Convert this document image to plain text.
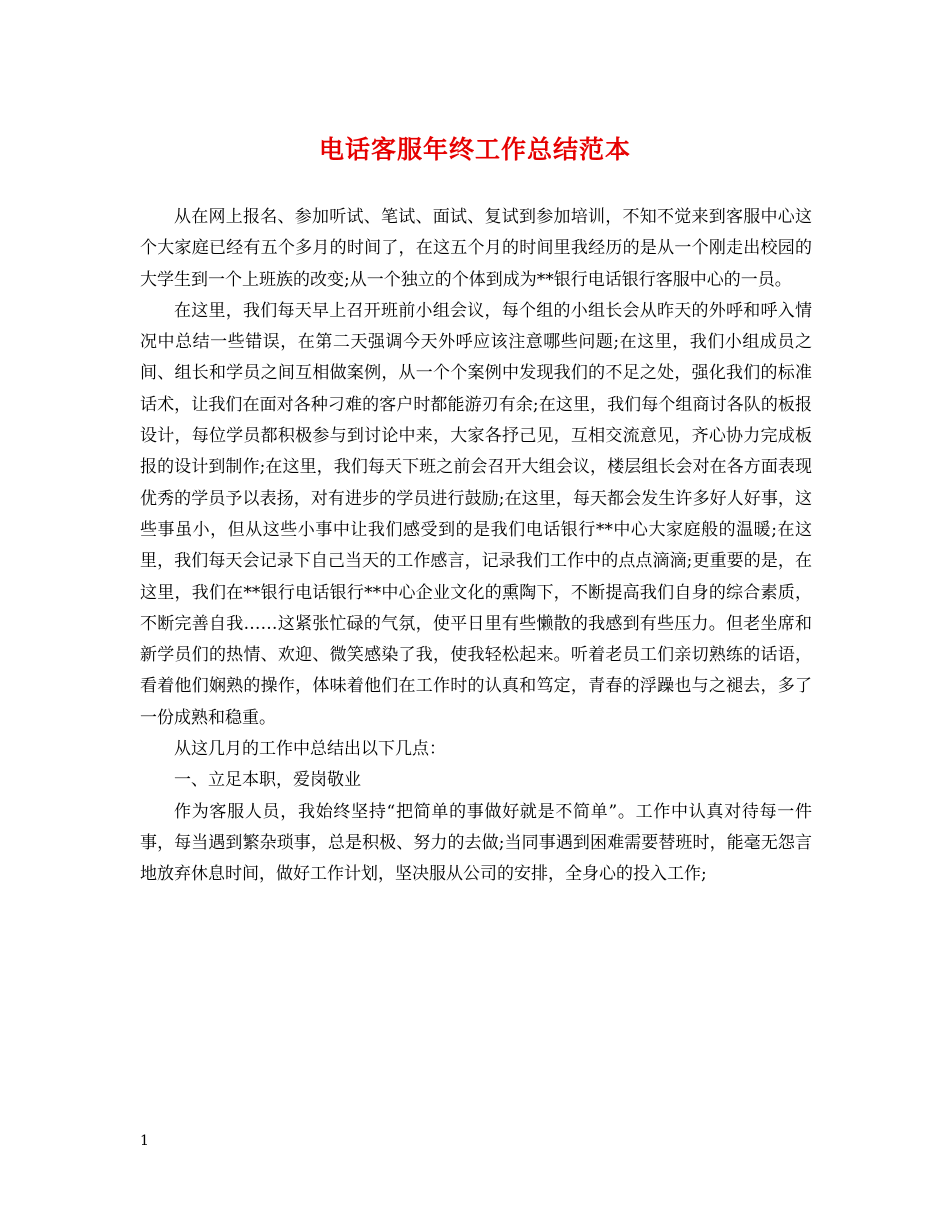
电话客服年终工作总结范本

从在网上报名、参加听试、笔试、面试、复试到参加培训，不知不觉来到客服中心这个大家庭已经有五个多月的时间了，在这五个月的时间里我经历的是从一个刚走出校园的大学生到一个上班族的改变;从一个独立的个体到成为**银行电话银行客服中心的一员。

在这里，我们每天早上召开班前小组会议，每个组的小组长会从昨天的外呼和呼入情况中总结一些错误，在第二天强调今天外呼应该注意哪些问题;在这里，我们小组成员之间、组长和学员之间互相做案例，从一个个案例中发现我们的不足之处，强化我们的标准话术，让我们在面对各种刁难的客户时都能游刃有余;在这里，我们每个组商讨各队的板报设计，每位学员都积极参与到讨论中来，大家各抒己见，互相交流意见，齐心协力完成板报的设计到制作;在这里，我们每天下班之前会召开大组会议，楼层组长会对在各方面表现优秀的学员予以表扬，对有进步的学员进行鼓励;在这里，每天都会发生许多好人好事，这些事虽小，但从这些小事中让我们感受到的是我们电话银行**中心大家庭般的温暖;在这里，我们每天会记录下自己当天的工作感言，记录我们工作中的点点滴滴;更重要的是，在这里，我们在**银行电话银行**中心企业文化的熏陶下，不断提高我们自身的综合素质，不断完善自我……这紧张忙碌的气氛，使平日里有些懒散的我感到有些压力。但老坐席和新学员们的热情、欢迎、微笑感染了我，使我轻松起来。听着老员工们亲切熟练的话语，看着他们娴熟的操作，体味着他们在工作时的认真和笃定，青春的浮躁也与之褪去，多了一份成熟和稳重。

从这几月的工作中总结出以下几点：

一、立足本职，爱岗敬业

作为客服人员，我始终坚持“把简单的事做好就是不简单”。工作中认真对待每一件事，每当遇到繁杂琐事，总是积极、努力的去做;当同事遇到困难需要替班时，能毫无怨言地放弃休息时间，做好工作计划，坚决服从公司的安排，全身心的投入工作;

1
